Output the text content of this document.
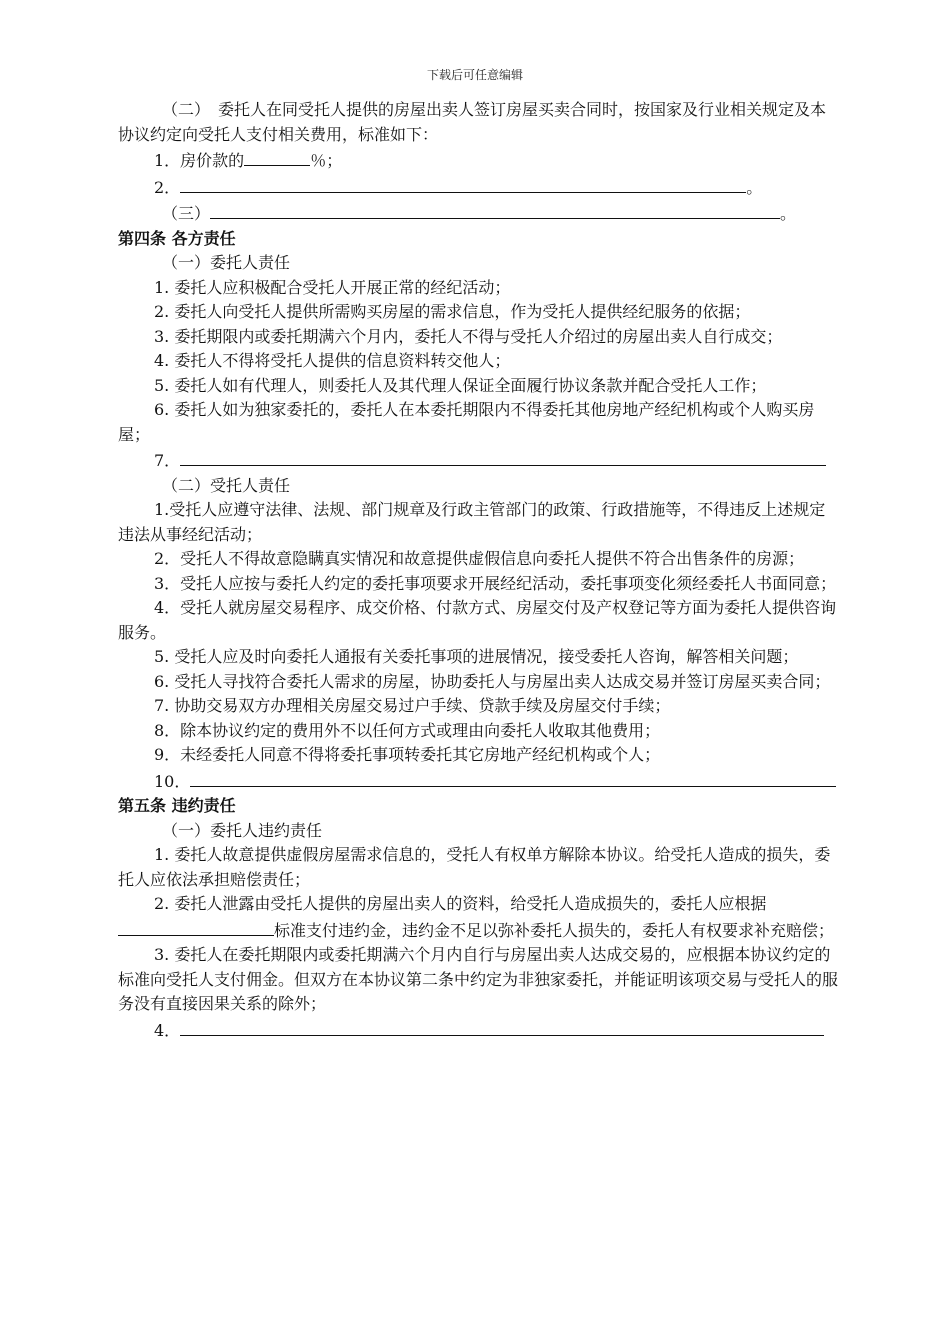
下载后可任意编辑

（二）　委托人在同受托人提供的房屋出卖人签订房屋买卖合同时，按国家及行业相关规定及本协议约定向受托人支付相关费用，标准如下：

1．房价款的	％；

2．	。

（三）	。

第四条 各方责任

（一）委托人责任

1. 委托人应积极配合受托人开展正常的经纪活动；

2. 委托人向受托人提供所需购买房屋的需求信息，作为受托人提供经纪服务的依据；

3. 委托期限内或委托期满六个月内，委托人不得与受托人介绍过的房屋出卖人自行成交；

4. 委托人不得将受托人提供的信息资料转交他人；

5. 委托人如有代理人，则委托人及其代理人保证全面履行协议条款并配合受托人工作；

6. 委托人如为独家委托的，委托人在本委托期限内不得委托其他房地产经纪机构或个人购买房屋；

7．

（二）受托人责任

1.受托人应遵守法律、法规、部门规章及行政主管部门的政策、行政措施等，不得违反上述规定违法从事经纪活动；

2．受托人不得故意隐瞒真实情况和故意提供虚假信息向委托人提供不符合出售条件的房源；

3．受托人应按与委托人约定的委托事项要求开展经纪活动，委托事项变化须经委托人书面同意；

4．受托人就房屋交易程序、成交价格、付款方式、房屋交付及产权登记等方面为委托人提供咨询服务。

5. 受托人应及时向委托人通报有关委托事项的进展情况，接受委托人咨询，解答相关问题；

6. 受托人寻找符合委托人需求的房屋，协助委托人与房屋出卖人达成交易并签订房屋买卖合同；

7. 协助交易双方办理相关房屋交易过户手续、贷款手续及房屋交付手续；

8．除本协议约定的费用外不以任何方式或理由向委托人收取其他费用；

9．未经委托人同意不得将委托事项转委托其它房地产经纪机构或个人；

10．

第五条 违约责任

（一）委托人违约责任

1. 委托人故意提供虚假房屋需求信息的，受托人有权单方解除本协议。给受托人造成的损失，委托人应依法承担赔偿责任；

2. 委托人泄露由受托人提供的房屋出卖人的资料，给受托人造成损失的，委托人应根据标准支付违约金，违约金不足以弥补委托人损失的，委托人有权要求补充赔偿；

3. 委托人在委托期限内或委托期满六个月内自行与房屋出卖人达成交易的，应根据本协议约定的标准向受托人支付佣金。但双方在本协议第二条中约定为非独家委托，并能证明该项交易与受托人的服务没有直接因果关系的除外；

4．
